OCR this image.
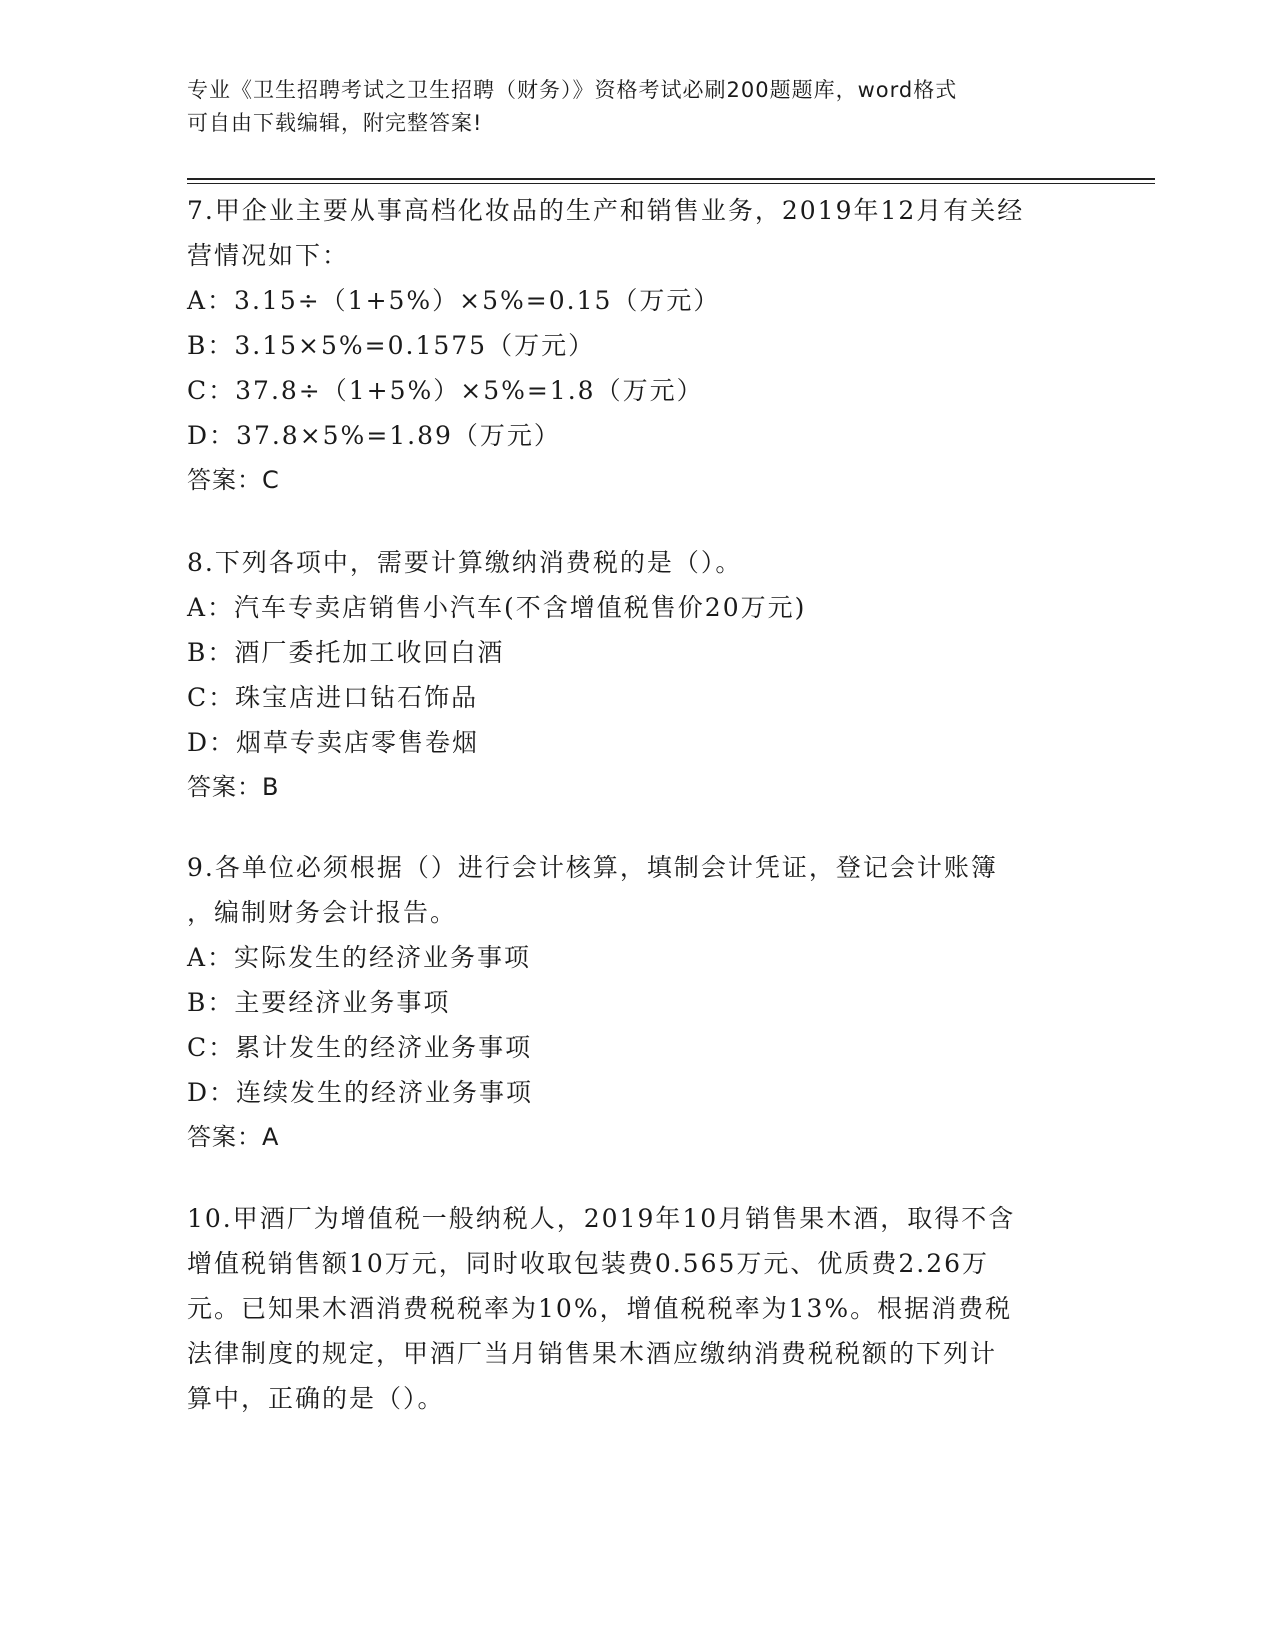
专业《卫生招聘考试之卫生招聘（财务）》资格考试必刷200题题库，word格式
可自由下载编辑，附完整答案!
7.甲企业主要从事高档化妆品的生产和销售业务，2019年12月有关经
营情况如下：
A：3.15÷（1+5%）×5%=0.15（万元）
B：3.15×5%=0.1575（万元）
C：37.8÷（1+5%）×5%=1.8（万元）
D：37.8×5%=1.89（万元）
答案：C
8.下列各项中，需要计算缴纳消费税的是（）。
A：汽车专卖店销售小汽车(不含增值税售价20万元)
B：酒厂委托加工收回白酒
C：珠宝店进口钻石饰品
D：烟草专卖店零售卷烟
答案：B
9.各单位必须根据（）进行会计核算，填制会计凭证，登记会计账簿
，编制财务会计报告。
A：实际发生的经济业务事项
B：主要经济业务事项
C：累计发生的经济业务事项
D：连续发生的经济业务事项
答案：A
10.甲酒厂为增值税一般纳税人，2019年10月销售果木酒，取得不含
增值税销售额10万元，同时收取包装费0.565万元、优质费2.26万
元。已知果木酒消费税税率为10%，增值税税率为13%。根据消费税
法律制度的规定，甲酒厂当月销售果木酒应缴纳消费税税额的下列计
算中，正确的是（）。
